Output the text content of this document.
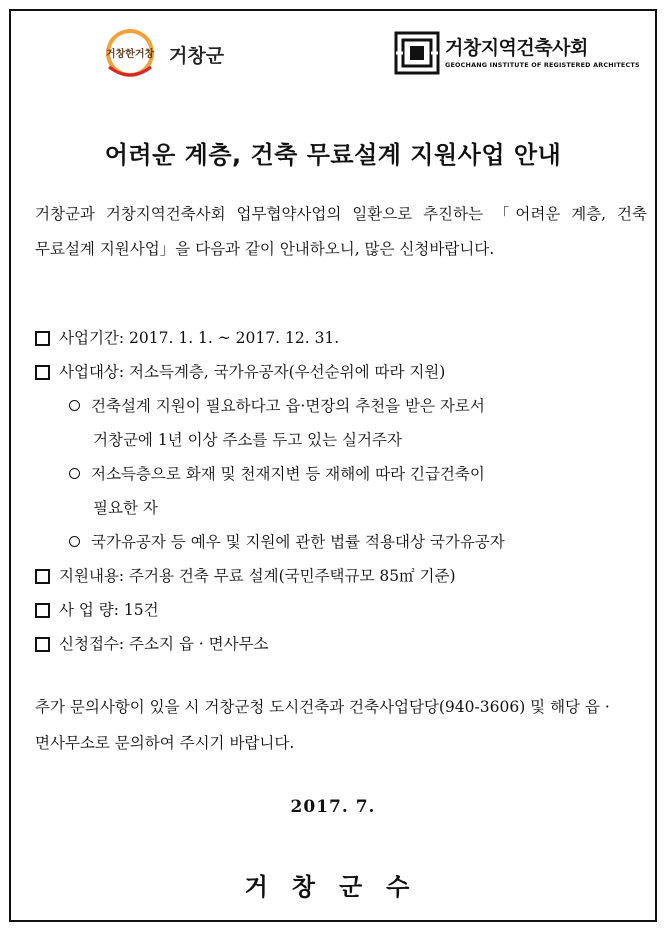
거창한거창 거창군	거창지역건축사회
GEOCHANG INSTITUTE OF REGISTERED ARCHITECTS
어려운 계층, 건축 무료설계 지원사업 안내
거창군과 거창지역건축사회 업무협약사업의 일환으로 추진하는 「어려운 계층, 건축 무료설계 지원사업」을 다음과 같이 안내하오니, 많은 신청바랍니다.
사업기간: 2017. 1. 1. ~ 2017. 12. 31.
사업대상: 저소득계층, 국가유공자(우선순위에 따라 지원)
건축설계 지원이 필요하다고 읍·면장의 추천을 받은 자로서
거창군에 1년 이상 주소를 두고 있는 실거주자
저소득층으로 화재 및 천재지변 등 재해에 따라 긴급건축이
필요한 자
국가유공자 등 예우 및 지원에 관한 법률 적용대상 국가유공자
지원내용: 주거용 건축 무료 설계(국민주택규모 85㎡ 기준)
사 업 량: 15건
신청접수: 주소지 읍 · 면사무소
추가 문의사항이 있을 시 거창군청 도시건축과 건축사업담당(940-3606) 및 해당 읍 · 면사무소로 문의하여 주시기 바랍니다.
2017. 7.
거창군수
